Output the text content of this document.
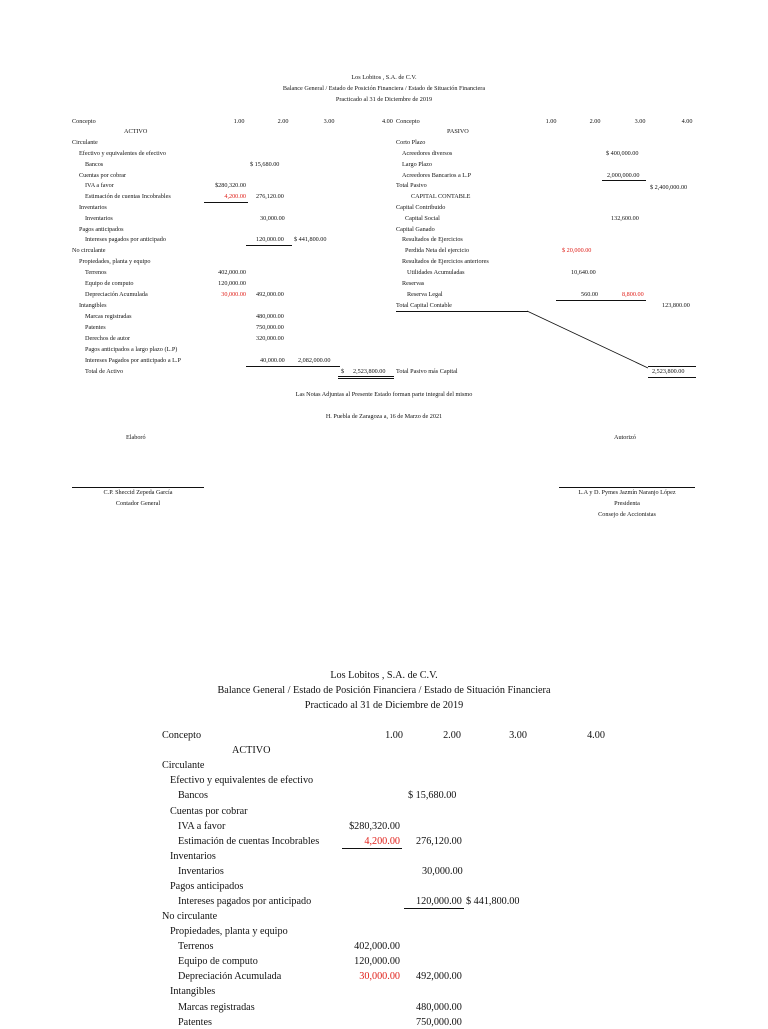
Los Lobitos , S.A. de C.V.
Balance General / Estado de Posición Financiera / Estado de Situación Financiera
Practicado al 31 de Diciembre de 2019
Concepto	1.00	2.00	3.00	4.00 Concepto	1.00	2.00	3.00	4.00
ACTIVO
Circulante
Efectivo y equivalentes de efectivo
Bancos	$ 15,680.00
Cuentas por cobrar
IVA a favor	$280,320.00
Estimación de cuentas Incobrables	4,200.00 276,120.00
Inventarios
Inventarios	30,000.00
Pagos anticipados
Intereses pagados por anticipado	120,000.00 $ 441,800.00
No circulante
Propiedades, planta y equipo
Terrenos	402,000.00
Equipo de computo	120,000.00
Depreciación Acumulada	30,000.00 492,000.00
Intangibles
Marcas registradas	480,000.00
Patentes	750,000.00
Derechos de autor	320,000.00
Pagos anticipados a largo plazo (L.P)
Intereses Pagados por anticipado a L.P	40,000.00 2,082,000.00
Total de Activo	$ 2,523,800.00
PASIVO
Corto Plazo
Acreedores diversos	$ 400,000.00
Largo Plazo
Acreedores Bancarios a L.P	2,000,000.00
Total Pasivo	$ 2,400,000.00
CAPITAL CONTABLE
Capital Contribuido
Capital Social	132,600.00
Capital Ganado
Resultados de Ejercicios
Perdida Neta del ejercicio	$ 20,000.00
Resultados de Ejercicios anteriores
Utilidades Acumuladas	10,640.00
Reservas
Reserva Legal	560.00	8,800.00
Total Capital Contable	123,800.00
Total Pasivo más Capital	2,523,800.00
Las Notas Adjuntas al Presente Estado forman parte integral del mismo
H. Puebla de Zaragoza a, 16 de Marzo de 2021
Elaboró	Autorizó
C.P. Sheccid Zepeda García
Contador General
L.A y D. Pymes Jazmín Naranjo López
Presidenta
Consejo de Accionistas
Los Lobitos , S.A. de C.V.
Balance General / Estado de Posición Financiera / Estado de Situación Financiera
Practicado al 31 de Diciembre de 2019
Concepto	1.00	2.00	3.00	4.00
ACTIVO
Circulante
Efectivo y equivalentes de efectivo
Bancos	$ 15,680.00
Cuentas por cobrar
IVA a favor	$280,320.00
Estimación de cuentas Incobrables	4,200.00 276,120.00
Inventarios
Inventarios	30,000.00
Pagos anticipados
Intereses pagados por anticipado	120,000.00 $ 441,800.00
No circulante
Propiedades, planta y equipo
Terrenos	402,000.00
Equipo de computo	120,000.00
Depreciación Acumulada	30,000.00 492,000.00
Intangibles
Marcas registradas	480,000.00
Patentes	750,000.00
